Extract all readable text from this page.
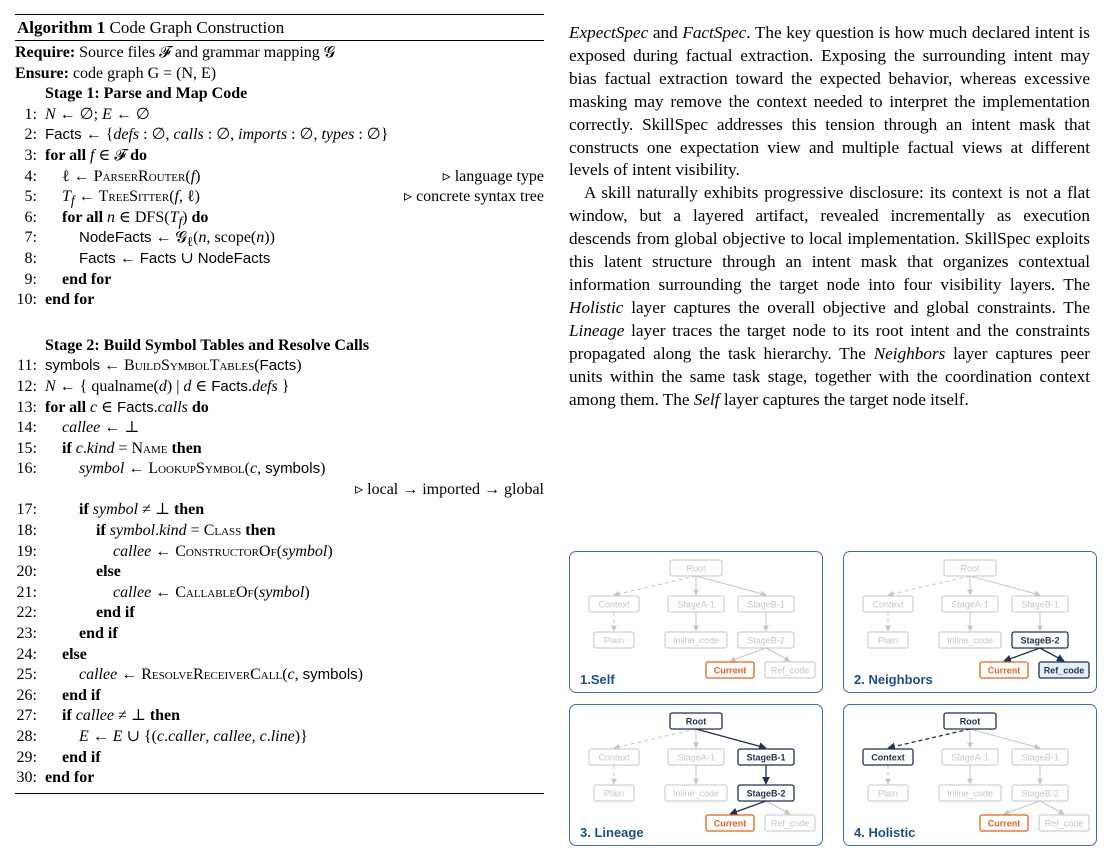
Algorithm 1 Code Graph Construction
Require: Source files 𝓕 and grammar mapping 𝓖
Ensure: code graph G = (N, E)
Stage 1: Parse and Map Code
1: N ← ∅; E ← ∅
2: Facts ← {defs : ∅, calls : ∅, imports : ∅, types : ∅}
3: for all f ∈ 𝓕 do
4: ℓ ← ParserRouter(f)	▹ language type
5: $T_f$ ← TreeSitter(f, ℓ)	▹ concrete syntax tree
6: for all n ∈ $DFS(T_f)$ do
7:	NodeFacts ← 𝓖$_\ell$(n, scope(n))
8:	Facts ← Facts ∪ NodeFacts
9: end for
10: end for
Stage 2: Build Symbol Tables and Resolve Calls
11: symbols ← BuildSymbolTables(Facts)
12: N ← { qualname(d) | d ∈ Facts.defs }
13: for all c ∈ Facts.calls do
14: callee ← ⊥
15: if c.kind = Name then
16:	symbol ← LookupSymbol(c, symbols)
▹ local → imported → global
17:	if symbol ≠ ⊥ then
18:	if symbol.kind = Class then
19:	callee ← ConstructorOf(symbol)
20:	else
21:	callee ← CallableOf(symbol)
22:	end if
23:	end if
24: else
25:	callee ← ResolveReceiverCall(c, symbols)
26: end if
27: if callee ≠ ⊥ then
28:	E ← E ∪ {(c.caller, callee, c.line)}
29: end if
30: end for

ExpectSpec and FactSpec. The key question is how much declared intent is exposed during factual extraction. Exposing the surrounding intent may bias factual extraction toward the expected behavior, whereas excessive masking may remove the context needed to interpret the implementation correctly. SkillSpec addresses this tension through an intent mask that constructs one expectation view and multiple factual views at different levels of intent visibility.

A skill naturally exhibits progressive disclosure: its context is not a flat window, but a layered artifact, revealed incrementally as execution descends from global objective to local implementation. SkillSpec exploits this latent structure through an intent mask that organizes contextual information surrounding the target node into four visibility layers. The Holistic layer captures the overall objective and global constraints. The Lineage layer traces the target node to its root intent and the constraints propagated along the task hierarchy. The Neighbors layer captures peer units within the same task stage, together with the coordination context among them. The Self layer captures the target node itself.

Root
Context	StageA-1	StageB-1
Plain	Inline_code	StageB-2
Current	Ref_code
1.Self
Root
Context	StageA-1	StageB-1
Plain	Inline_code	StageB-2
Current	Ref_code
2. Neighbors
Root
Context	StageA-1	StageB-1
Plain	Inline_code	StageB-2
Current	Ref_code
3. Lineage
Root
Context	StageA-1	StageB-1
Plain	Inline_code	StageB-2
Current	Ref_code
4. Holistic
